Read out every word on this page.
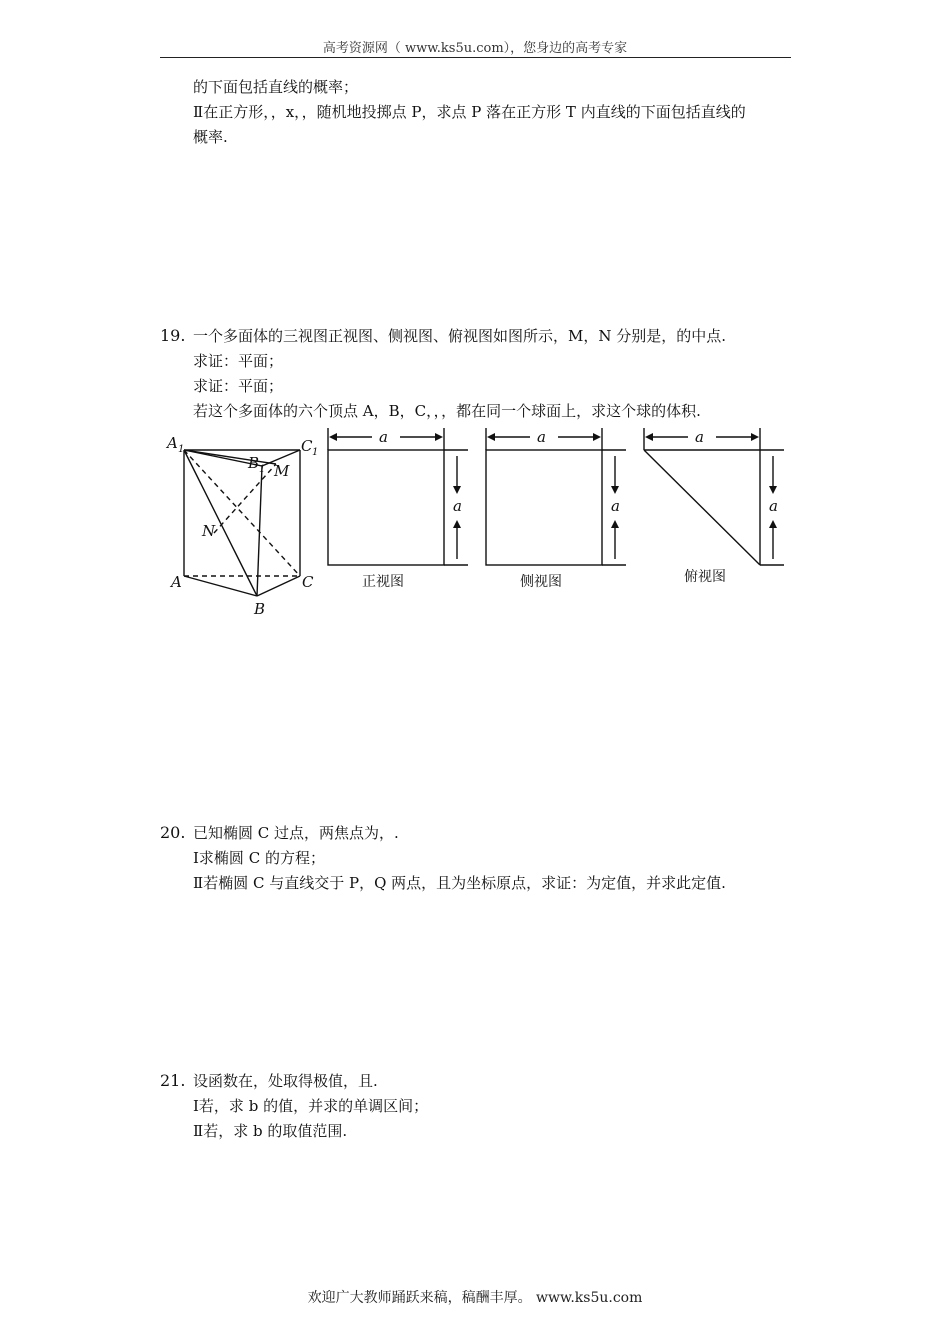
高考资源网（ www.ks5u.com），您身边的高考专家
的下面包括直线的概率；
Ⅱ在正方形，，x，，随机地投掷点 P，求点 P 落在正方形 T 内直线的下面包括直线的
概率.
19. 一个多面体的三视图正视图、侧视图、俯视图如图所示，M，N 分别是，的中点.
求证：平面；
求证：平面；
若这个多面体的六个顶点 A，B，C，，，都在同一个球面上，求这个球的体积.
A 1	C 1
B 1 M
N
A	C
B
a
a
正视图
a
a
侧视图
a
a
俯视图
20. 已知椭圆 C 过点，两焦点为，.
Ⅰ求椭圆 C 的方程；
Ⅱ若椭圆 C 与直线交于 P，Q 两点，且为坐标原点，求证：为定值，并求此定值.
21. 设函数在，处取得极值，且.
Ⅰ若，求 b 的值，并求的单调区间；
Ⅱ若，求 b 的取值范围.
欢迎广大教师踊跃来稿，稿酬丰厚。 www.ks5u.com
